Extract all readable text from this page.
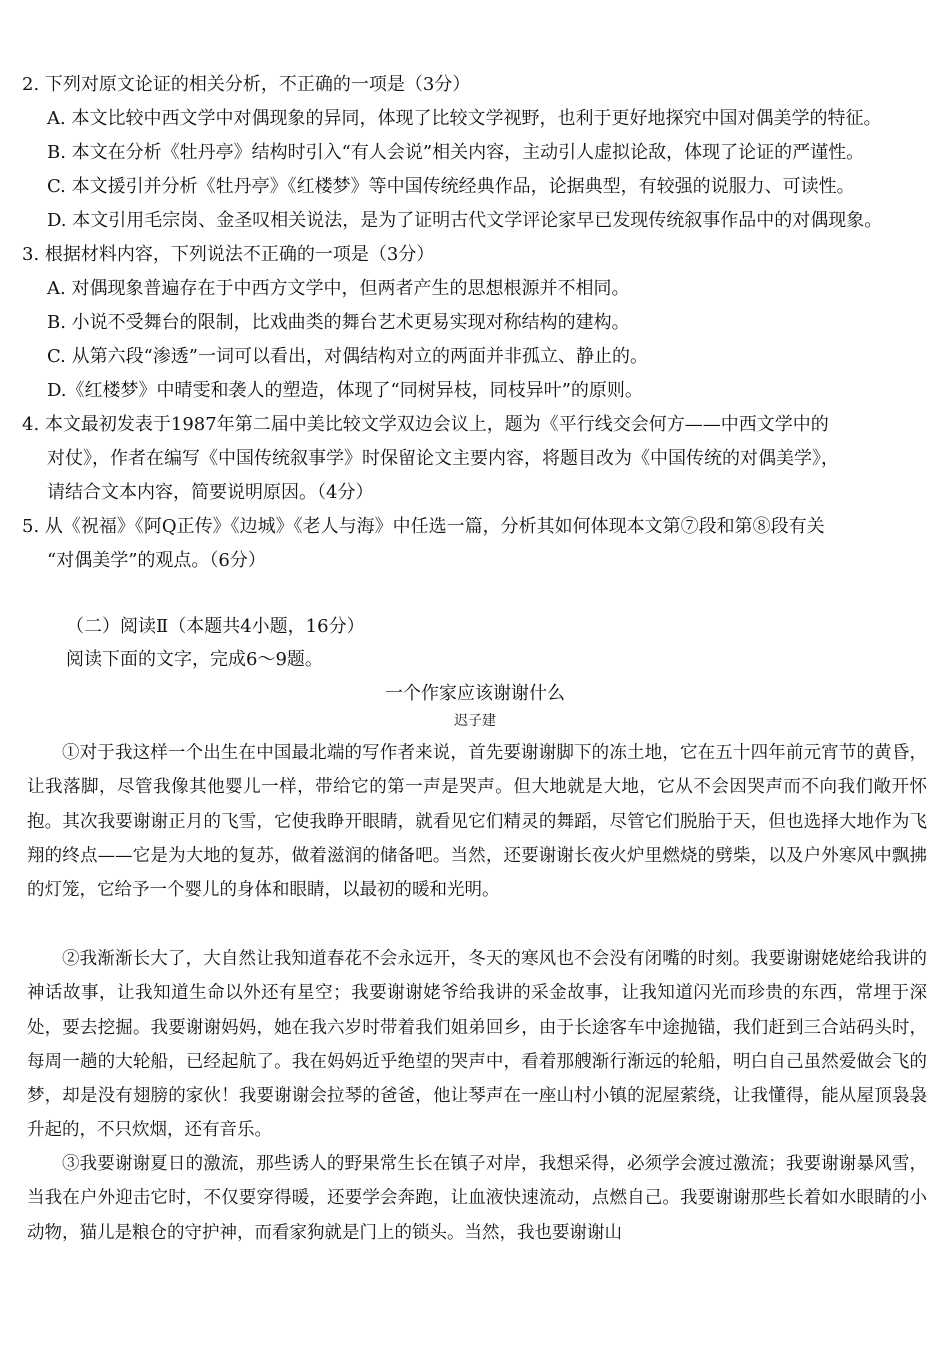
2. 下列对原文论证的相关分析，不正确的一项是（3分）
A. 本文比较中西文学中对偶现象的异同，体现了比较文学视野，也利于更好地探究中国对偶美学的特征。
B. 本文在分析《牡丹亭》结构时引入“有人会说”相关内容，主动引人虚拟论敌，体现了论证的严谨性。
C. 本文援引并分析《牡丹亭》《红楼梦》等中国传统经典作品，论据典型，有较强的说服力、可读性。
D. 本文引用毛宗岗、金圣叹相关说法，是为了证明古代文学评论家早已发现传统叙事作品中的对偶现象。
3. 根据材料内容，下列说法不正确的一项是（3分）
A. 对偶现象普遍存在于中西方文学中，但两者产生的思想根源并不相同。
B. 小说不受舞台的限制，比戏曲类的舞台艺术更易实现对称结构的建构。
C. 从第六段“渗透”一词可以看出，对偶结构对立的两面并非孤立、静止的。
D.《红楼梦》中晴雯和袭人的塑造，体现了“同树异枝，同枝异叶”的原则。
4. 本文最初发表于1987年第二届中美比较文学双边会议上，题为《平行线交会何方——中西文学中的
对仗》，作者在编写《中国传统叙事学》时保留论文主要内容，将题目改为《中国传统的对偶美学》，
请结合文本内容，简要说明原因。（4分）
5. 从《祝福》《阿Q正传》《边城》《老人与海》中任选一篇，分析其如何体现本文第⑦段和第⑧段有关
“对偶美学”的观点。（6分）
（二）阅读Ⅱ（本题共4小题，16分）
阅读下面的文字，完成6～9题。
一个作家应该谢谢什么
迟子建
①对于我这样一个出生在中国最北端的写作者来说，首先要谢谢脚下的冻土地，它在五十四年前元宵节的黄昏，让我落脚，尽管我像其他婴儿一样，带给它的第一声是哭声。但大地就是大地，它从不会因哭声而不向我们敞开怀抱。其次我要谢谢正月的飞雪，它使我睁开眼睛，就看见它们精灵的舞蹈，尽管它们脱胎于天，但也选择大地作为飞翔的终点——它是为大地的复苏，做着滋润的储备吧。当然，还要谢谢长夜火炉里燃烧的劈柴，以及户外寒风中飘拂的灯笼，它给予一个婴儿的身体和眼睛，以最初的暖和光明。
②我渐渐长大了，大自然让我知道春花不会永远开，冬天的寒风也不会没有闭嘴的时刻。我要谢谢姥姥给我讲的神话故事，让我知道生命以外还有星空；我要谢谢姥爷给我讲的采金故事，让我知道闪光而珍贵的东西，常埋于深处，要去挖掘。我要谢谢妈妈，她在我六岁时带着我们姐弟回乡，由于长途客车中途抛锚，我们赶到三合站码头时，每周一趟的大轮船，已经起航了。我在妈妈近乎绝望的哭声中，看着那艘渐行渐远的轮船，明白自己虽然爱做会飞的梦，却是没有翅膀的家伙！我要谢谢会拉琴的爸爸，他让琴声在一座山村小镇的泥屋萦绕，让我懂得，能从屋顶袅袅升起的，不只炊烟，还有音乐。
③我要谢谢夏日的激流，那些诱人的野果常生长在镇子对岸，我想采得，必须学会渡过激流；我要谢谢暴风雪，当我在户外迎击它时，不仅要穿得暖，还要学会奔跑，让血液快速流动，点燃自己。我要谢谢那些长着如水眼睛的小动物，猫儿是粮仓的守护神，而看家狗就是门上的锁头。当然，我也要谢谢山
